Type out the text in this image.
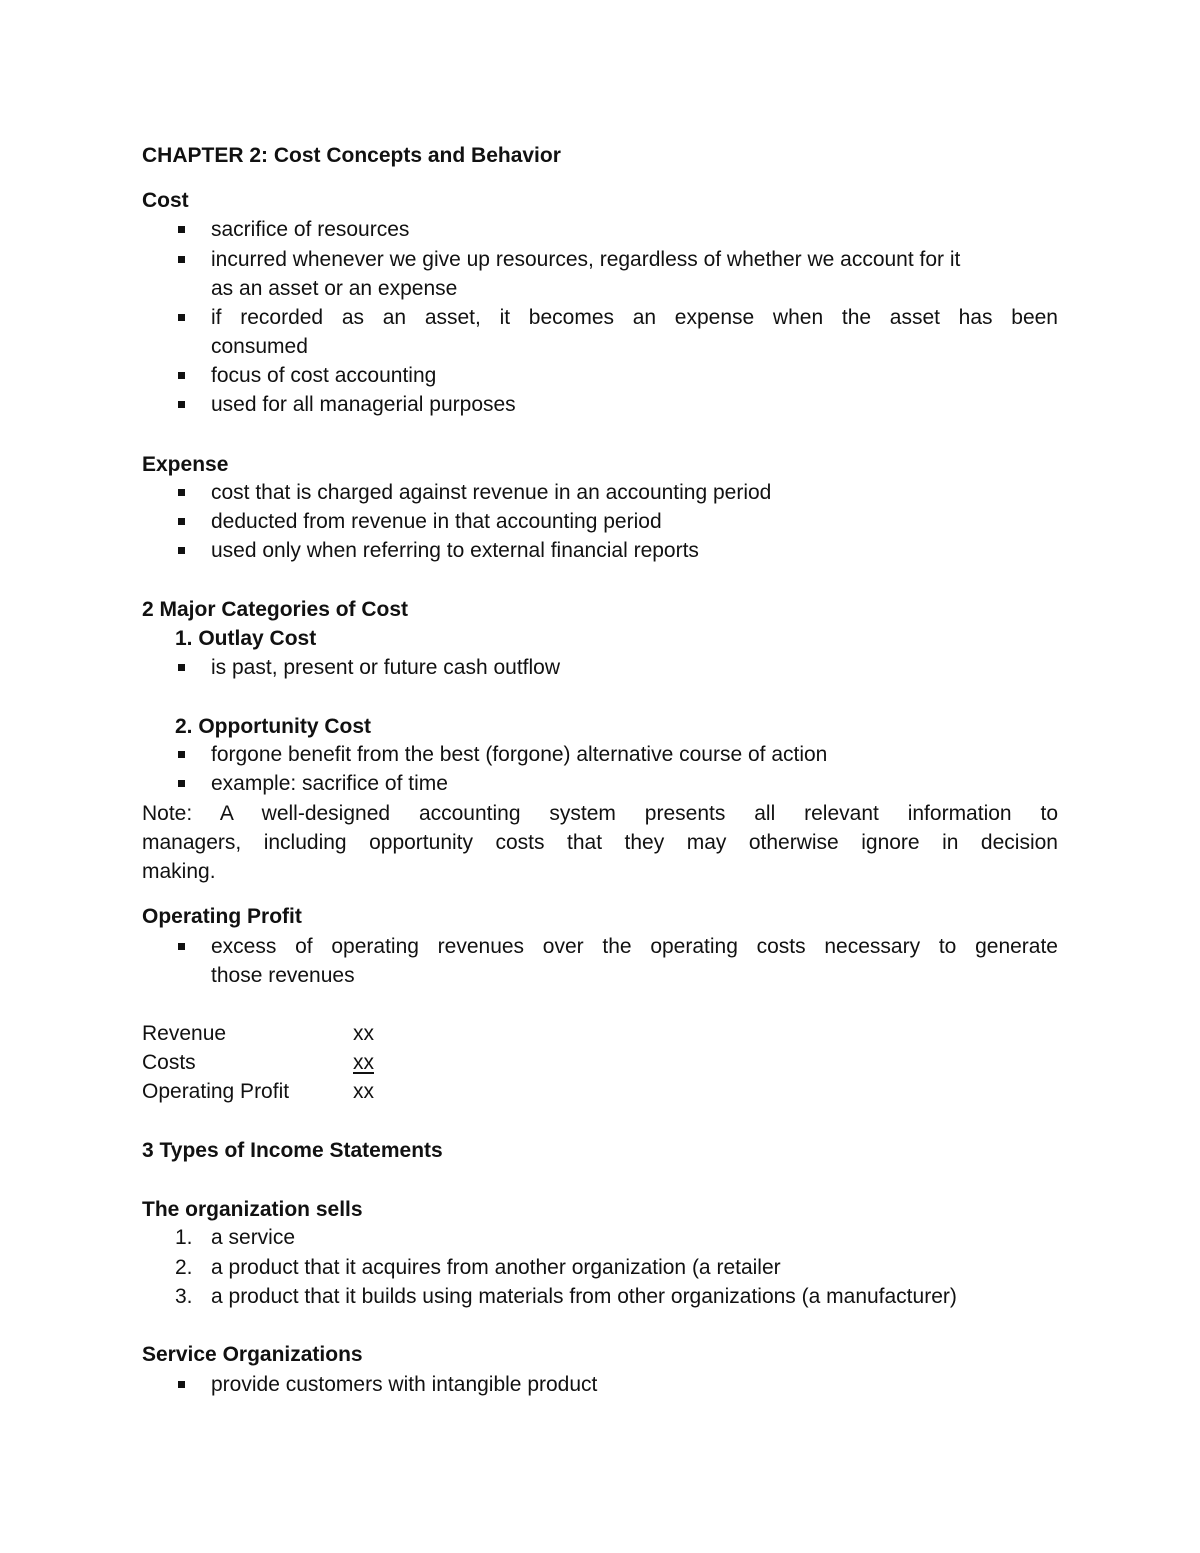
CHAPTER 2: Cost Concepts and Behavior
Cost
sacrifice of resources
incurred whenever we give up resources, regardless of whether we account for it
as an asset or an expense
if recorded as an asset, it becomes an expense when the asset has been
consumed
focus of cost accounting
used for all managerial purposes
Expense
cost that is charged against revenue in an accounting period
deducted from revenue in that accounting period
used only when referring to external financial reports
2 Major Categories of Cost
1. Outlay Cost
is past, present or future cash outflow
2. Opportunity Cost
forgone benefit from the best (forgone) alternative course of action
example: sacrifice of time
Note: A well-designed accounting system presents all relevant information to
managers, including opportunity costs that they may otherwise ignore in decision
making.
Operating Profit
excess of operating revenues over the operating costs necessary to generate
those revenues
Revenue	xx
Costs	xx
Operating Profit	xx
3 Types of Income Statements
The organization sells
1. a service
2. a product that it acquires from another organization (a retailer
3. a product that it builds using materials from other organizations (a manufacturer)
Service Organizations
provide customers with intangible product
